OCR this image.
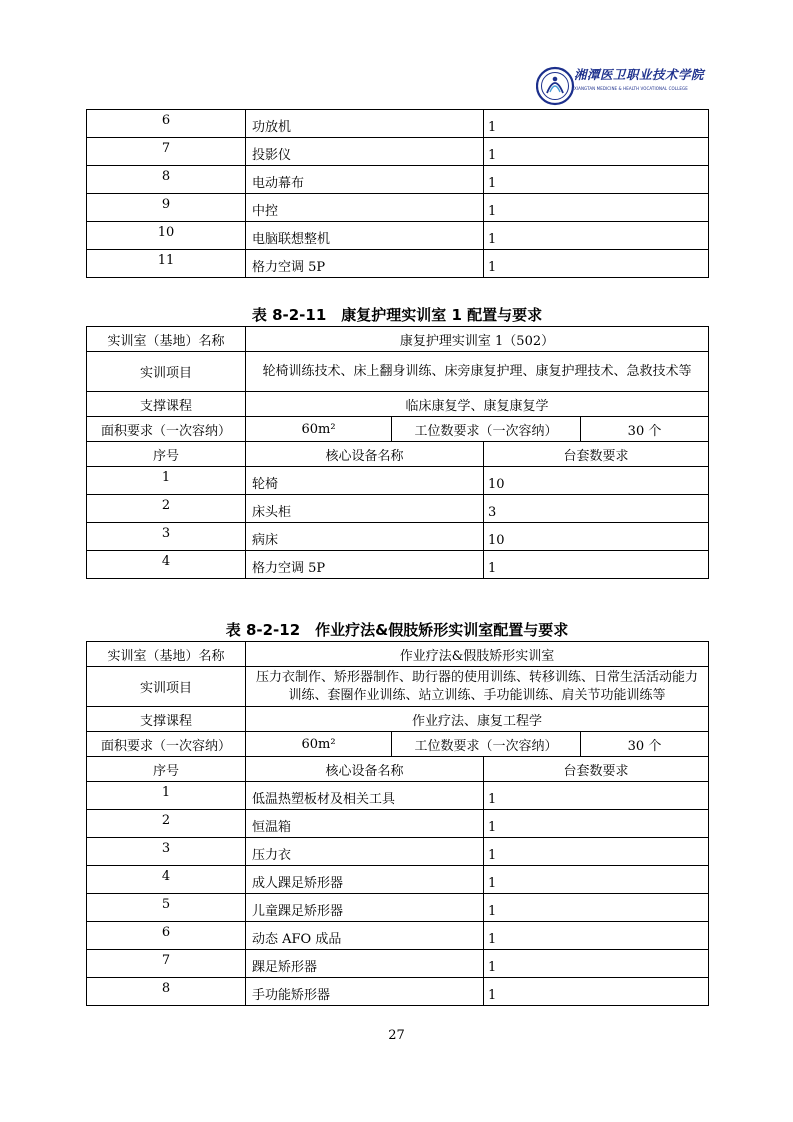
湘潭医卫职业技术学院
XIANGTAN MEDICINE & HEALTH VOCATIONAL COLLEGE
6	功放机	1
7	投影仪	1
8	电动幕布	1
9	中控	1
10	电脑联想整机	1
11	格力空调 5P	1
表 8-2-11　康复护理实训室 1 配置与要求
实训室（基地）名称	康复护理实训室 1（502）			
实训项目	轮椅训练技术、床上翻身训练、床旁康复护理、康复护理技术、急救技术等			
支撑课程	临床康复学、康复康复学			
面积要求（一次容纳）	60m²	工位数要求（一次容纳）		30 个
序号	核心设备名称		台套数要求	
1	轮椅		10	
2	床头柜		3	
3	病床		10	
4	格力空调 5P		1	
表 8-2-12　作业疗法&假肢矫形实训室配置与要求
实训室（基地）名称	作业疗法&假肢矫形实训室			
实训项目	压力衣制作、矫形器制作、助行器的使用训练、转移训练、日常生活活动能力训练、套圈作业训练、站立训练、手功能训练、肩关节功能训练等			
支撑课程	作业疗法、康复工程学			
面积要求（一次容纳）	60m²	工位数要求（一次容纳）		30 个
序号	核心设备名称		台套数要求	
1	低温热塑板材及相关工具		1	
2	恒温箱		1	
3	压力衣		1	
4	成人踝足矫形器		1	
5	儿童踝足矫形器		1	
6	动态 AFO 成品		1	
7	踝足矫形器		1	
8	手功能矫形器		1	
27
